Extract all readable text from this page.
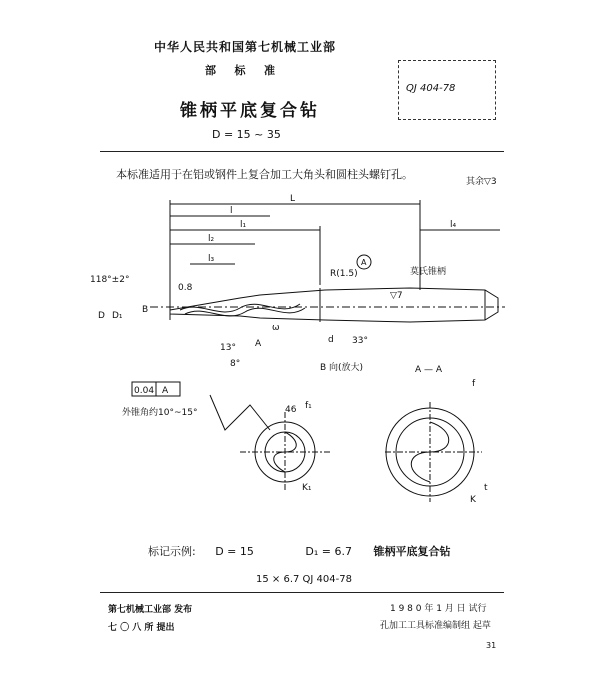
中华人民共和国第七机械工业部
部 标 准
QJ 404-78
锥柄平底复合钻
D = 15 ~ 35
本标准适用于在铝或钢件上复合加工大角头和圆柱头螺钉孔。
其余▽3
L
l
l₁
l₂
l₃
l₄
118°±2°
D D₁
B
0.8
R(1.5)
A
莫氏锥柄
B 向(放大)	A — A
0.04 A
外锥角约10°~15°
f
f₁
K
K₁	t
13°
8°
33°
ω
d
▽7
46
A
标记示例: D = 15	D₁ = 6.7 锥柄平底复合钻
15 × 6.7 QJ 404-78
第七机械工业部 发布
七 〇 八 所 提出
1 9 8 0 年 1 月 日 试行
孔加工工具标准编制组 起草
31
